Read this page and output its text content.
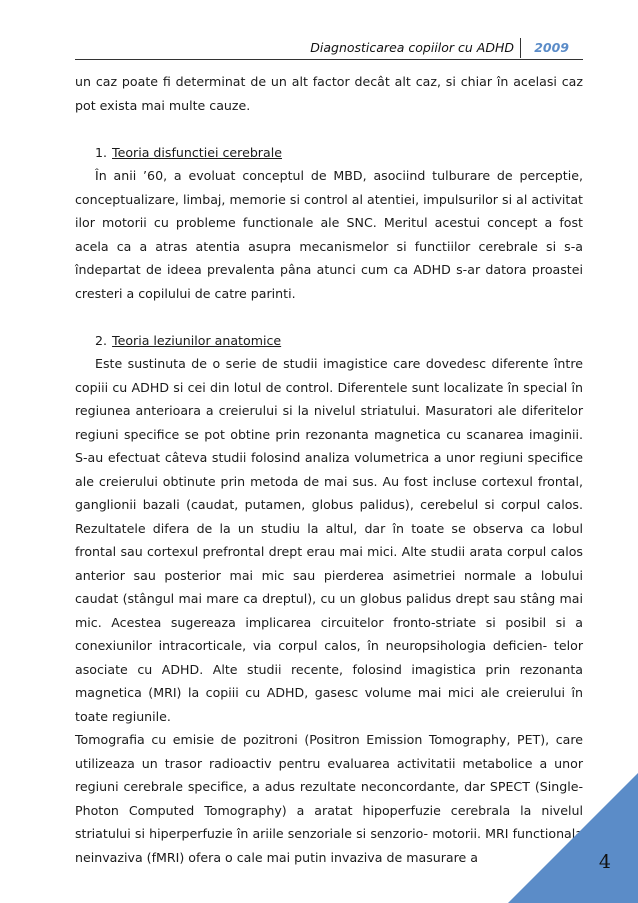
Diagnosticarea copiilor cu ADHD 2009

un caz poate fi determinat de un alt factor decât alt caz, si chiar în acelasi caz pot exista mai multe cauze.

1. Teoria disfunctiei cerebrale

În anii ’60, a evoluat conceptul de MBD, asociind tulburare de perceptie, conceptualizare, limbaj, memorie si control al atentiei, impulsurilor si al activitat ilor motorii cu probleme functionale ale SNC. Meritul acestui concept a fost acela ca a atras atentia asupra mecanismelor si functiilor cerebrale si s-a îndepartat de ideea prevalenta pâna atunci cum ca ADHD s-ar datora proastei cresteri a copilului de catre parinti.

2. Teoria leziunilor anatomice

Este sustinuta de o serie de studii imagistice care dovedesc diferente între copiii cu ADHD si cei din lotul de control. Diferentele sunt localizate în special în regiunea anterioara a creierului si la nivelul striatului. Masuratori ale diferitelor regiuni specifice se pot obtine prin rezonanta magnetica cu scanarea imaginii. S-au efectuat câteva studii folosind analiza volumetrica a unor regiuni specifice ale creierului obtinute prin metoda de mai sus. Au fost incluse cortexul frontal, ganglionii bazali (caudat, putamen, globus palidus), cerebelul si corpul calos. Rezultatele difera de la un studiu la altul, dar în toate se observa ca lobul frontal sau cortexul prefrontal drept erau mai mici. Alte studii arata corpul calos anterior sau posterior mai mic sau pierderea asimetriei normale a lobului caudat (stângul mai mare ca dreptul), cu un globus palidus drept sau stâng mai mic. Acestea sugereaza implicarea circuitelor fronto-striate si posibil si a conexiunilor intracorticale, via corpul calos, în neuropsihologia deficien- telor asociate cu ADHD. Alte studii recente, folosind imagistica prin rezonanta magnetica (MRI) la copiii cu ADHD, gasesc volume mai mici ale creierului în toate regiunile.

Tomografia cu emisie de pozitroni (Positron Emission Tomography, PET), care utilizeaza un trasor radioactiv pentru evaluarea activitatii metabolice a unor regiuni cerebrale specifice, a adus rezultate neconcordante, dar SPECT (Single-Photon Computed Tomography) a aratat hipoperfuzie cerebrala la nivelul striatului si hiperperfuzie în ariile senzoriale si senzorio- motorii. MRI functionala neinvaziva (fMRI) ofera o cale mai putin invaziva de masurare a	4
